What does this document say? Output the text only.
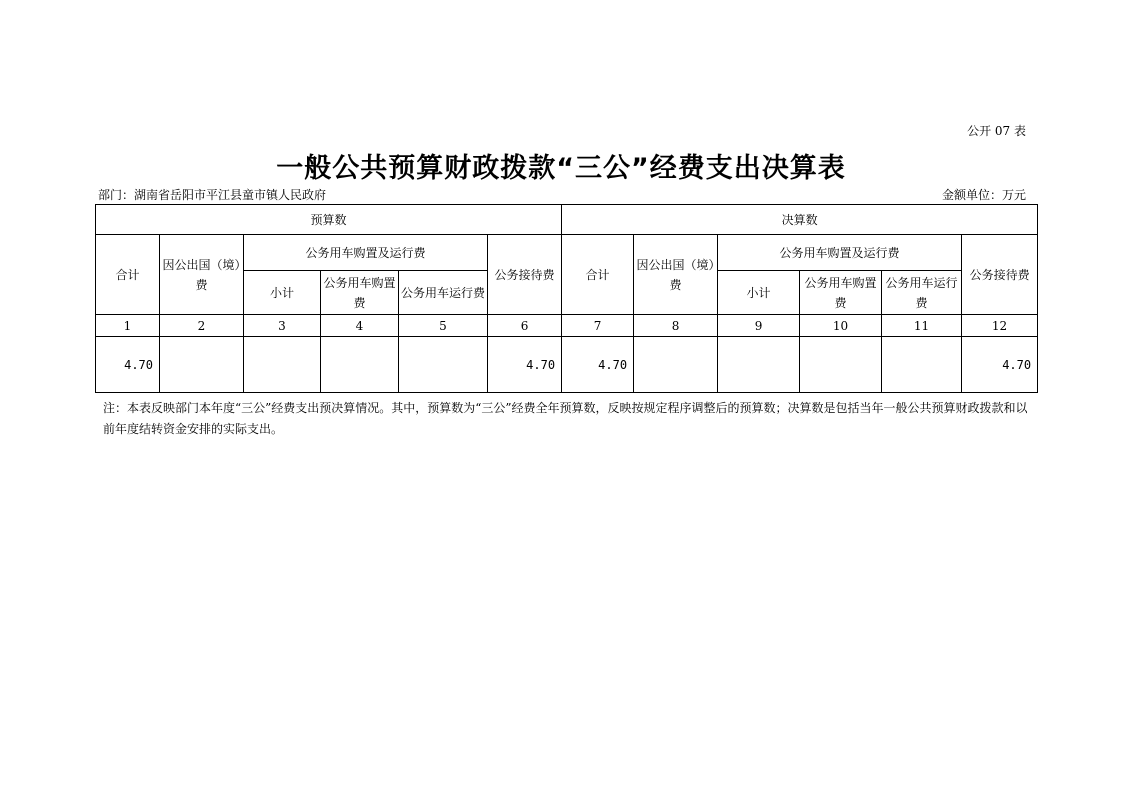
公开 07 表
一般公共预算财政拨款“三公”经费支出决算表
部门：湖南省岳阳市平江县童市镇人民政府	金额单位：万元
预算数						决算数					
合计	因公出国（境）费	公务用车购置及运行费			公务接待费	合计	因公出国（境）费	公务用车购置及运行费			公务接待费
		小计	公务用车购置费	公务用车运行费				小计	公务用车购置费	公务用车运行费	
1	2	3	4	5	6	7	8	9	10	11	12
4.70					4.70	4.70					4.70
注：本表反映部门本年度“三公”经费支出预决算情况。其中，预算数为“三公”经费全年预算数，反映按规定程序调整后的预算数；决算数是包括当年一般公共预算财政拨款和以前年度结转资金安排的实际支出。
